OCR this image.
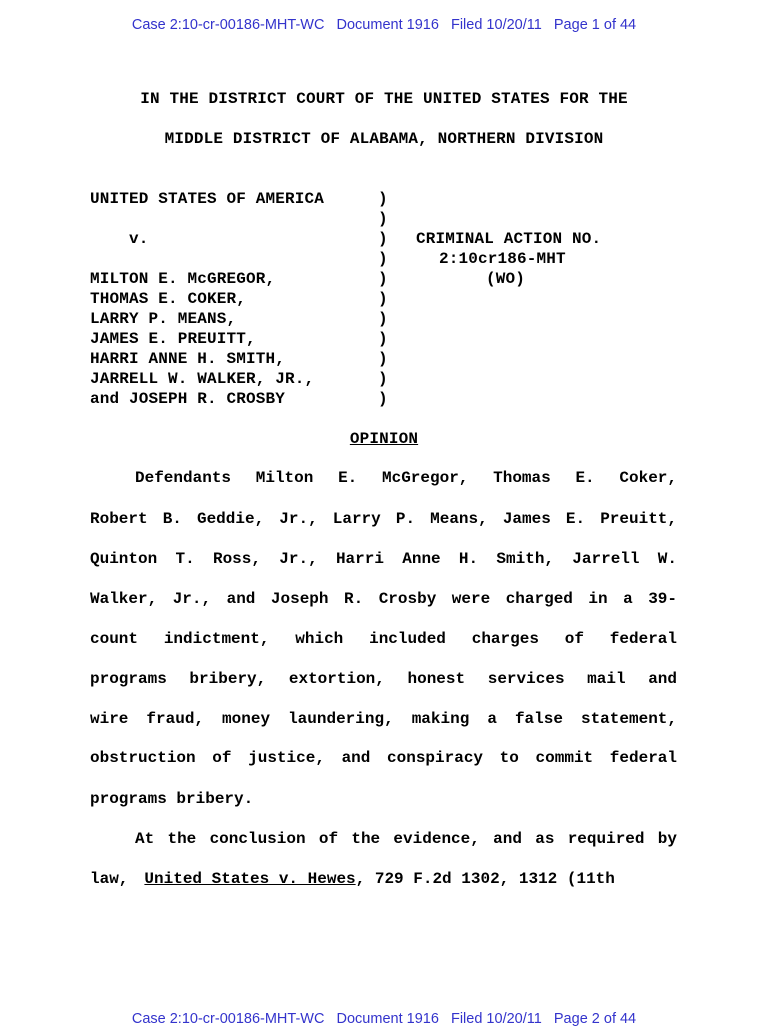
Case 2:10-cr-00186-MHT-WC   Document 1916   Filed 10/20/11   Page 1 of 44
IN THE DISTRICT COURT OF THE UNITED STATES FOR THE
MIDDLE DISTRICT OF ALABAMA, NORTHERN DIVISION
UNITED STATES OF AMERICA
v.
MILTON E. McGREGOR,
THOMAS E. COKER,
LARRY P. MEANS,
JAMES E. PREUITT,
HARRI ANNE H. SMITH,
JARRELL W. WALKER, JR.,
and JOSEPH R. CROSBY
)
)
)
)
)
)
)
)
)
)
)
CRIMINAL ACTION NO.
2:10cr186-MHT
(WO)
OPINION
Defendants Milton E. McGregor, Thomas E. Coker,
Robert B. Geddie, Jr., Larry P. Means, James E. Preuitt,
Quinton T. Ross, Jr., Harri Anne H. Smith, Jarrell W.
Walker, Jr., and Joseph R. Crosby were charged in a 39-
count indictment, which included charges of federal
programs bribery, extortion, honest services mail and
wire fraud, money laundering, making a false statement,
obstruction of justice, and conspiracy to commit federal
programs bribery.
At the conclusion of the evidence, and as required by
law, United States v. Hewes , 729 F.2d 1302, 1312 (11th
Case 2:10-cr-00186-MHT-WC   Document 1916   Filed 10/20/11   Page 2 of 44
